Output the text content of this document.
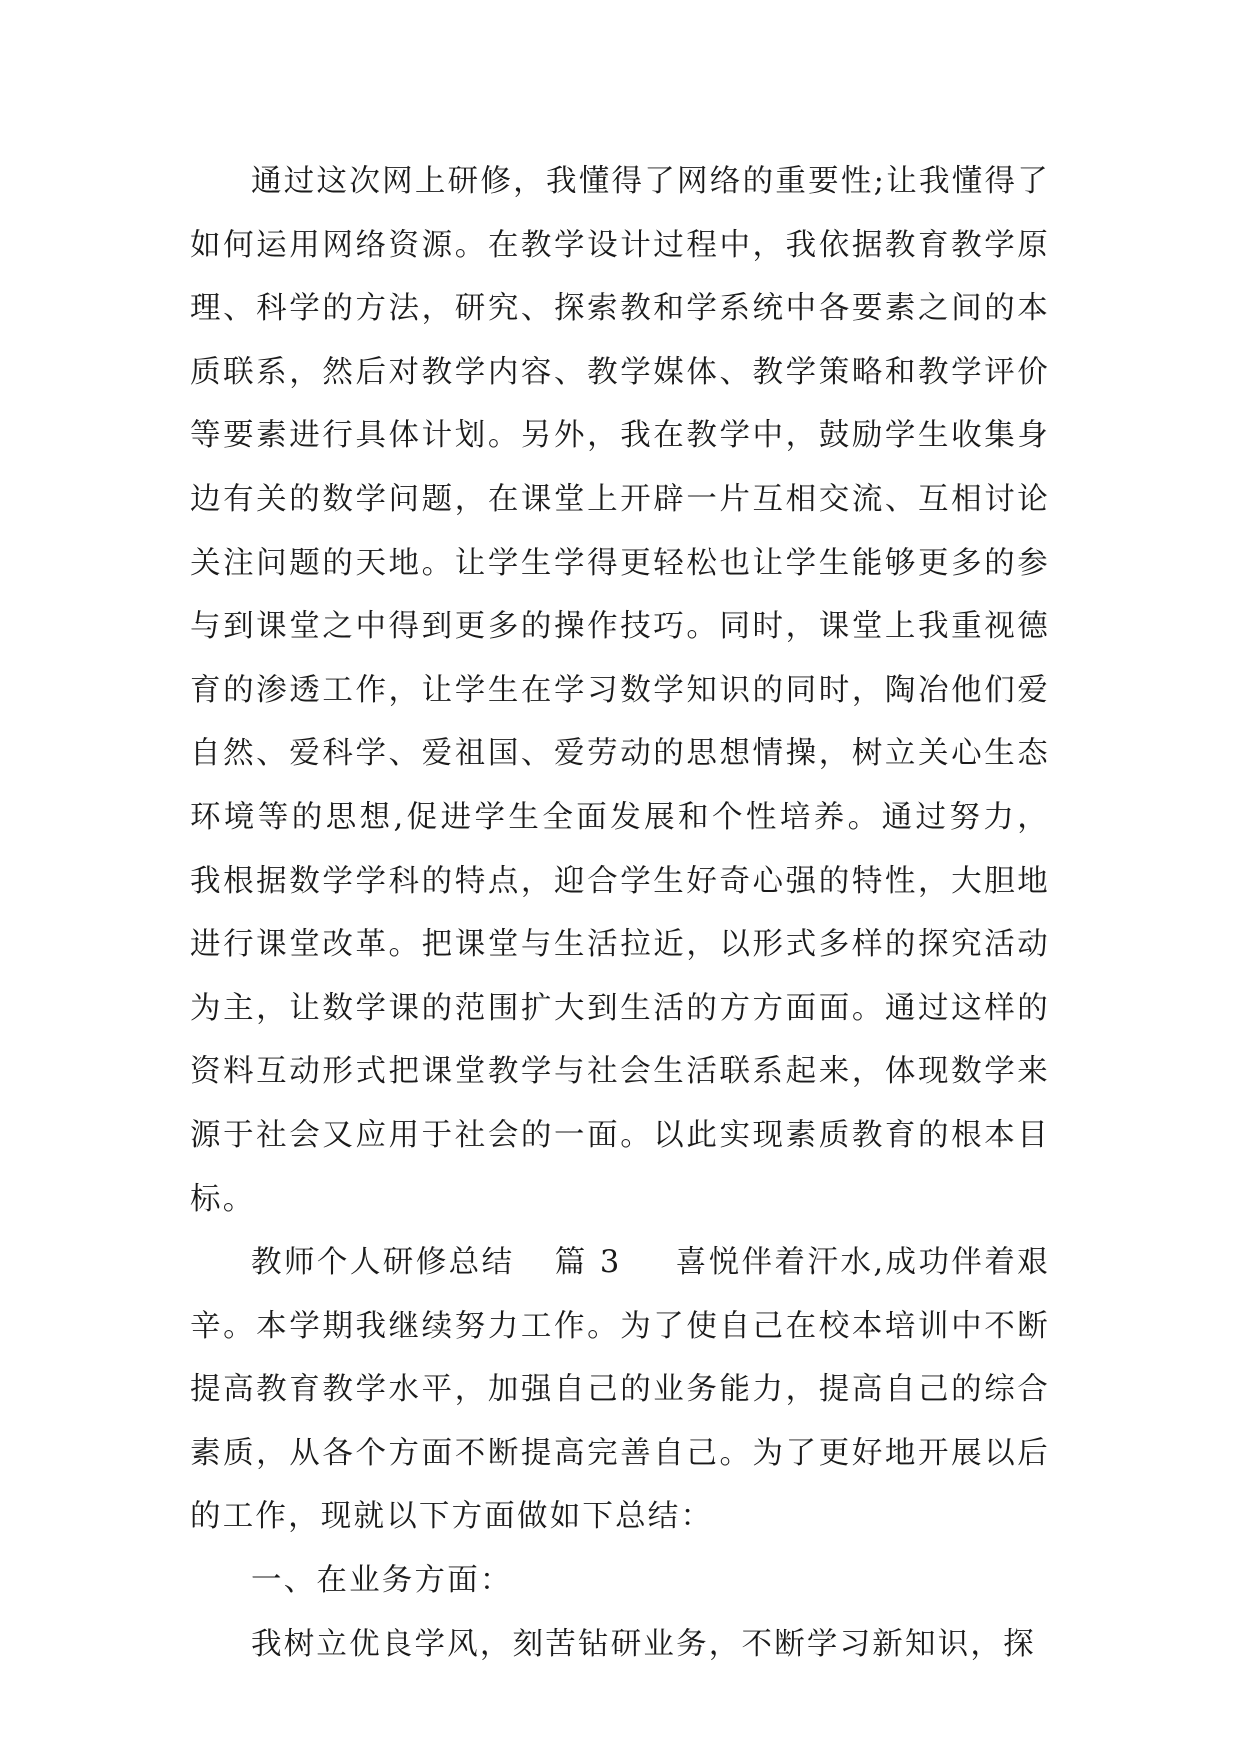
通过这次网上研修，我懂得了网络的重要性;让我懂得了如何运用网络资源。在教学设计过程中，我依据教育教学原理、科学的方法，研究、探索教和学系统中各要素之间的本质联系，然后对教学内容、教学媒体、教学策略和教学评价等要素进行具体计划。另外，我在教学中，鼓励学生收集身边有关的数学问题，在课堂上开辟一片互相交流、互相讨论关注问题的天地。让学生学得更轻松也让学生能够更多的参与到课堂之中得到更多的操作技巧。同时，课堂上我重视德育的渗透工作，让学生在学习数学知识的同时，陶冶他们爱自然、爱科学、爱祖国、爱劳动的思想情操，树立关心生态环境等的思想,促进学生全面发展和个性培养。通过努力，我根据数学学科的特点，迎合学生好奇心强的特性，大胆地进行课堂改革。把课堂与生活拉近，以形式多样的探究活动为主，让数学课的范围扩大到生活的方方面面。通过这样的资料互动形式把课堂教学与社会生活联系起来，体现数学来源于社会又应用于社会的一面。以此实现素质教育的根本目标。

教师个人研修总结 篇 3 喜悦伴着汗水,成功伴着艰辛。本学期我继续努力工作。为了使自己在校本培训中不断提高教育教学水平，加强自己的业务能力，提高自己的综合素质，从各个方面不断提高完善自己。为了更好地开展以后的工作，现就以下方面做如下总结：

一、在业务方面：

我树立优良学风，刻苦钻研业务，不断学习新知识，探
